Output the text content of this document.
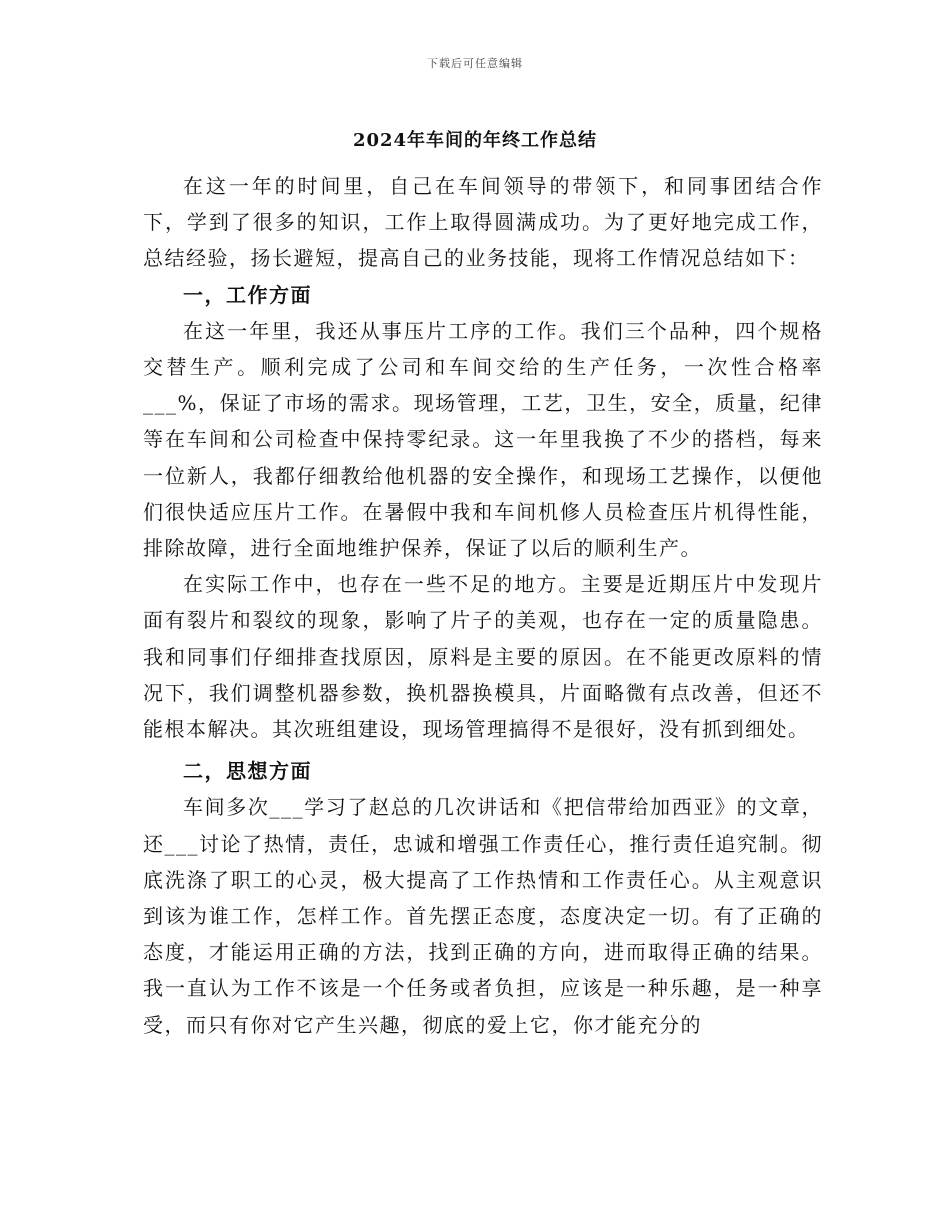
下载后可任意编辑
2024年车间的年终工作总结

在这一年的时间里，自己在车间领导的带领下，和同事团结合作下，学到了很多的知识，工作上取得圆满成功。为了更好地完成工作，总结经验，扬长避短，提高自己的业务技能，现将工作情况总结如下：

一，工作方面

在这一年里，我还从事压片工序的工作。我们三个品种，四个规格交替生产。顺利完成了公司和车间交给的生产任务，一次性合格率___%，保证了市场的需求。现场管理，工艺，卫生，安全，质量，纪律等在车间和公司检查中保持零纪录。这一年里我换了不少的搭档，每来一位新人，我都仔细教给他机器的安全操作，和现场工艺操作，以便他们很快适应压片工作。在暑假中我和车间机修人员检查压片机得性能，排除故障，进行全面地维护保养，保证了以后的顺利生产。

在实际工作中，也存在一些不足的地方。主要是近期压片中发现片面有裂片和裂纹的现象，影响了片子的美观，也存在一定的质量隐患。我和同事们仔细排查找原因，原料是主要的原因。在不能更改原料的情况下，我们调整机器参数，换机器换模具，片面略微有点改善，但还不能根本解决。其次班组建设，现场管理搞得不是很好，没有抓到细处。

二，思想方面

车间多次___学习了赵总的几次讲话和《把信带给加西亚》的文章，还___讨论了热情，责任，忠诚和增强工作责任心，推行责任追究制。彻底洗涤了职工的心灵，极大提高了工作热情和工作责任心。从主观意识到该为谁工作，怎样工作。首先摆正态度，态度决定一切。有了正确的态度，才能运用正确的方法，找到正确的方向，进而取得正确的结果。我一直认为工作不该是一个任务或者负担，应该是一种乐趣，是一种享受，而只有你对它产生兴趣，彻底的爱上它，你才能充分的
